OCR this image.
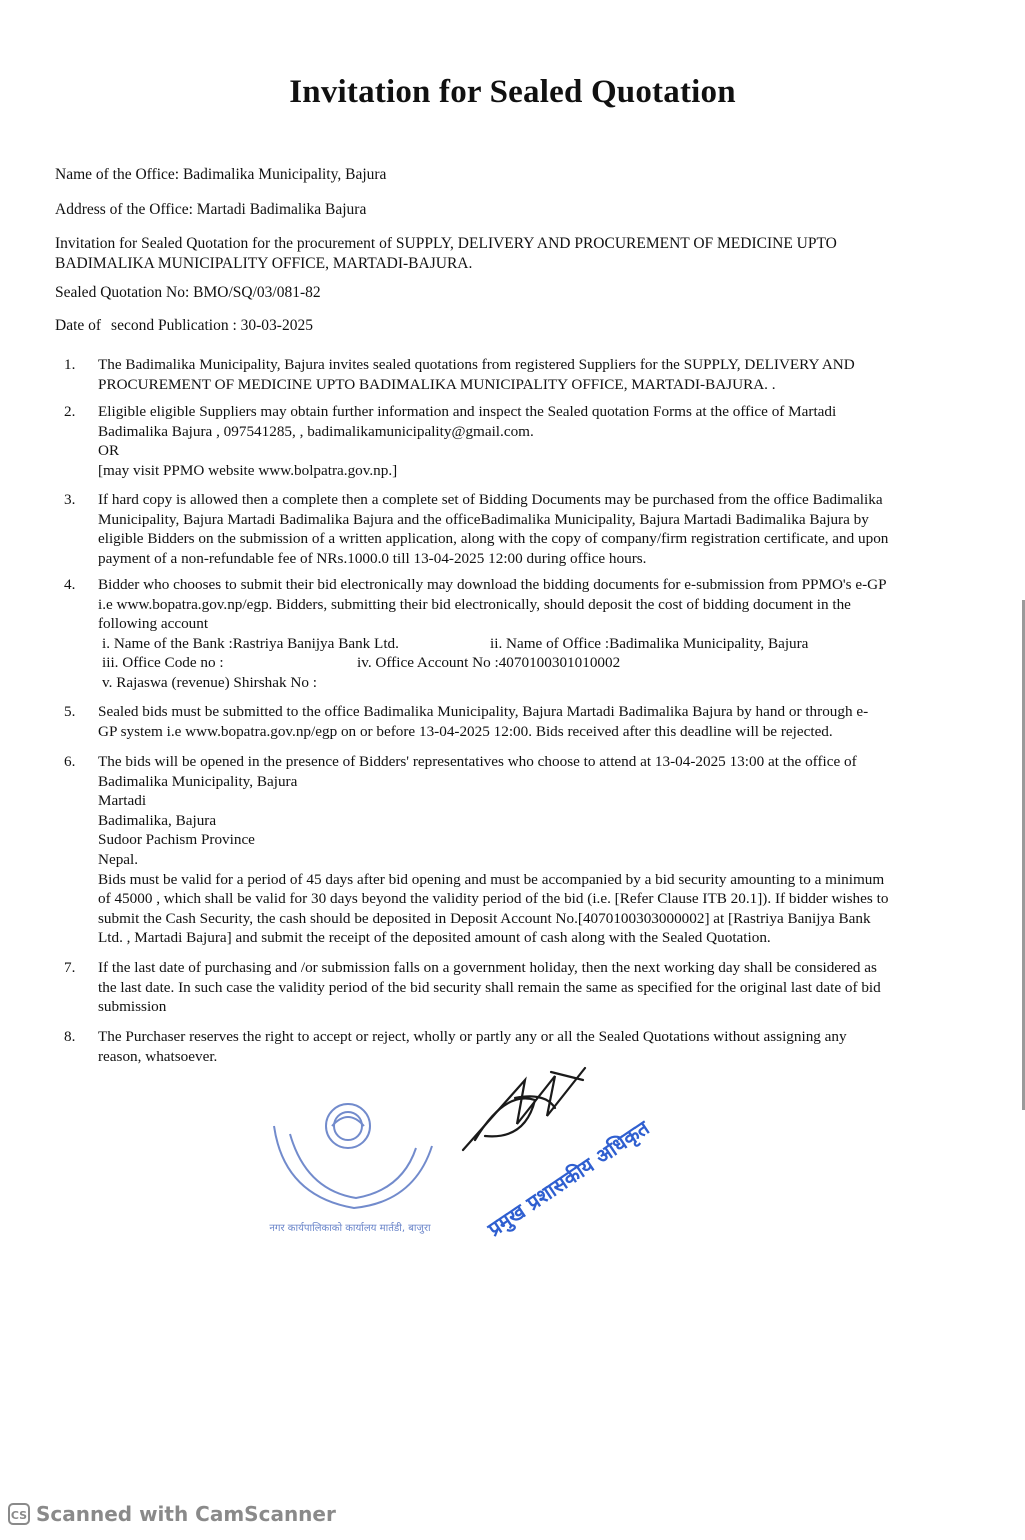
Invitation for Sealed Quotation
Name of the Office: Badimalika Municipality, Bajura
Address of the Office: Martadi Badimalika Bajura
Invitation for Sealed Quotation for the procurement of SUPPLY, DELIVERY AND PROCUREMENT OF MEDICINE UPTO
BADIMALIKA MUNICIPALITY OFFICE, MARTADI-BAJURA.
Sealed Quotation No: BMO/SQ/03/081-82
Date of second Publication : 30-03-2025
1.	The Badimalika Municipality, Bajura invites sealed quotations from registered Suppliers for the SUPPLY, DELIVERY AND

PROCUREMENT OF MEDICINE UPTO BADIMALIKA MUNICIPALITY OFFICE, MARTADI-BAJURA. .

2.	Eligible eligible Suppliers may obtain further information and inspect the Sealed quotation Forms at the office of Martadi

Badimalika Bajura , 097541285, , badimalikamunicipality@gmail.com.

OR

[may visit PPMO website www.bolpatra.gov.np.]

3.	If hard copy is allowed then a complete then a complete set of Bidding Documents may be purchased from the office Badimalika

Municipality, Bajura Martadi Badimalika Bajura and the officeBadimalika Municipality, Bajura Martadi Badimalika Bajura by

eligible Bidders on the submission of a written application, along with the copy of company/firm registration certificate, and upon

payment of a non-refundable fee of NRs.1000.0 till 13-04-2025 12:00 during office hours.

4.	Bidder who chooses to submit their bid electronically may download the bidding documents for e-submission from PPMO's e-GP

i.e www.bopatra.gov.np/egp. Bidders, submitting their bid electronically, should deposit the cost of bidding document in the

following account

i. Name of the Bank :Rastriya Banijya Bank Ltd.	ii. Name of Office :Badimalika Municipality, Bajura
iii. Office Code no :	iv. Office Account No :4070100301010002
v. Rajaswa (revenue) Shirshak No :
5.	Sealed bids must be submitted to the office Badimalika Municipality, Bajura Martadi Badimalika Bajura by hand or through e-

GP system i.e www.bopatra.gov.np/egp on or before 13-04-2025 12:00. Bids received after this deadline will be rejected.

6.	The bids will be opened in the presence of Bidders' representatives who choose to attend at 13-04-2025 13:00 at the office of

Badimalika Municipality, Bajura

Martadi

Badimalika, Bajura

Sudoor Pachism Province

Nepal.

Bids must be valid for a period of 45 days after bid opening and must be accompanied by a bid security amounting to a minimum

of 45000 , which shall be valid for 30 days beyond the validity period of the bid (i.e. [Refer Clause ITB 20.1]). If bidder wishes to

submit the Cash Security, the cash should be deposited in Deposit Account No.[4070100303000002] at [Rastriya Banijya Bank

Ltd. , Martadi Bajura] and submit the receipt of the deposited amount of cash along with the Sealed Quotation.

7.	If the last date of purchasing and /or submission falls on a government holiday, then the next working day shall be considered as

the last date. In such case the validity period of the bid security shall remain the same as specified for the original last date of bid

submission

8.	The Purchaser reserves the right to accept or reject, wholly or partly any or all the Sealed Quotations without assigning any

reason, whatsoever.

नगर कार्यपालिकाको कार्यालय मार्तडी, बाजुरा	प्रमुख प्रशासकीय अधिकृत
CS Scanned with CamScanner
